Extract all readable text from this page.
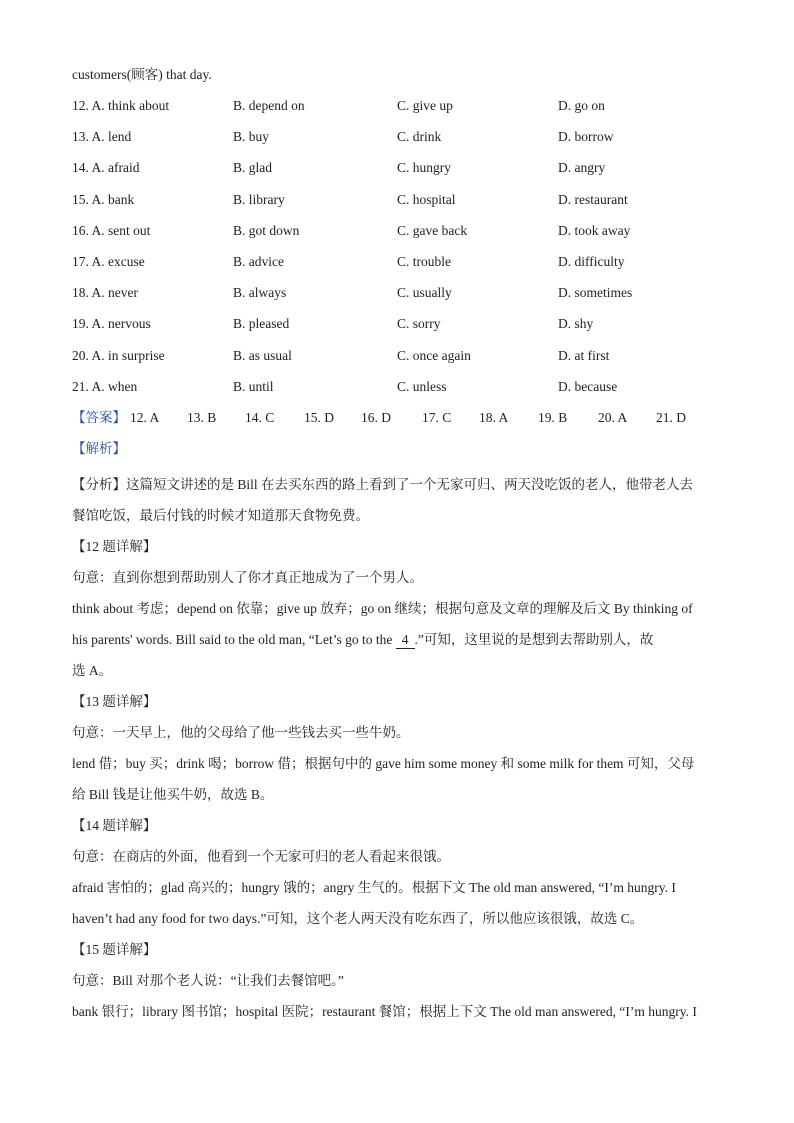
customers(顾客) that day.
12. A. think about	B. depend on	C. give up	D. go on
13. A. lend	B. buy	C. drink	D. borrow
14. A. afraid	B. glad	C. hungry	D. angry
15. A. bank	B. library	C. hospital	D. restaurant
16. A. sent out	B. got down	C. gave back	D. took away
17. A. excuse	B. advice	C. trouble	D. difficulty
18. A. never	B. always	C. usually	D. sometimes
19. A. nervous	B. pleased	C. sorry	D. shy
20. A. in surprise	B. as usual	C. once again	D. at first
21. A. when	B. until	C. unless	D. because
【答案】 12. A 13. B 14. C 15. D 16. D 17. C 18. A 19. B 20. A 21. D
【解析】
【分析】这篇短文讲述的是 Bill 在去买东西的路上看到了一个无家可归、两天没吃饭的老人，他带老人去
餐馆吃饭，最后付钱的时候才知道那天食物免费。
【12 题详解】
句意：直到你想到帮助别人了你才真正地成为了一个男人。
think about 考虑；depend on 依靠；give up 放弃；go on 继续；根据句意及文章的理解及后文 By thinking of
his parents' words. Bill said to the old man, “Let’s go to the 4 .”可知，这里说的是想到去帮助别人，故
选 A。
【13 题详解】
句意：一天早上，他的父母给了他一些钱去买一些牛奶。
lend 借；buy 买；drink 喝；borrow 借；根据句中的 gave him some money 和 some milk for them 可知，父母
给 Bill 钱是让他买牛奶，故选 B。
【14 题详解】
句意：在商店的外面，他看到一个无家可归的老人看起来很饿。
afraid 害怕的；glad 高兴的；hungry 饿的；angry 生气的。根据下文 The old man answered, “I’m hungry. I
haven’t had any food for two days.”可知，这个老人两天没有吃东西了，所以他应该很饿，故选 C。
【15 题详解】
句意：Bill 对那个老人说：“让我们去餐馆吧。”
bank 银行；library 图书馆；hospital 医院；restaurant 餐馆；根据上下文 The old man answered, “I’m hungry. I
